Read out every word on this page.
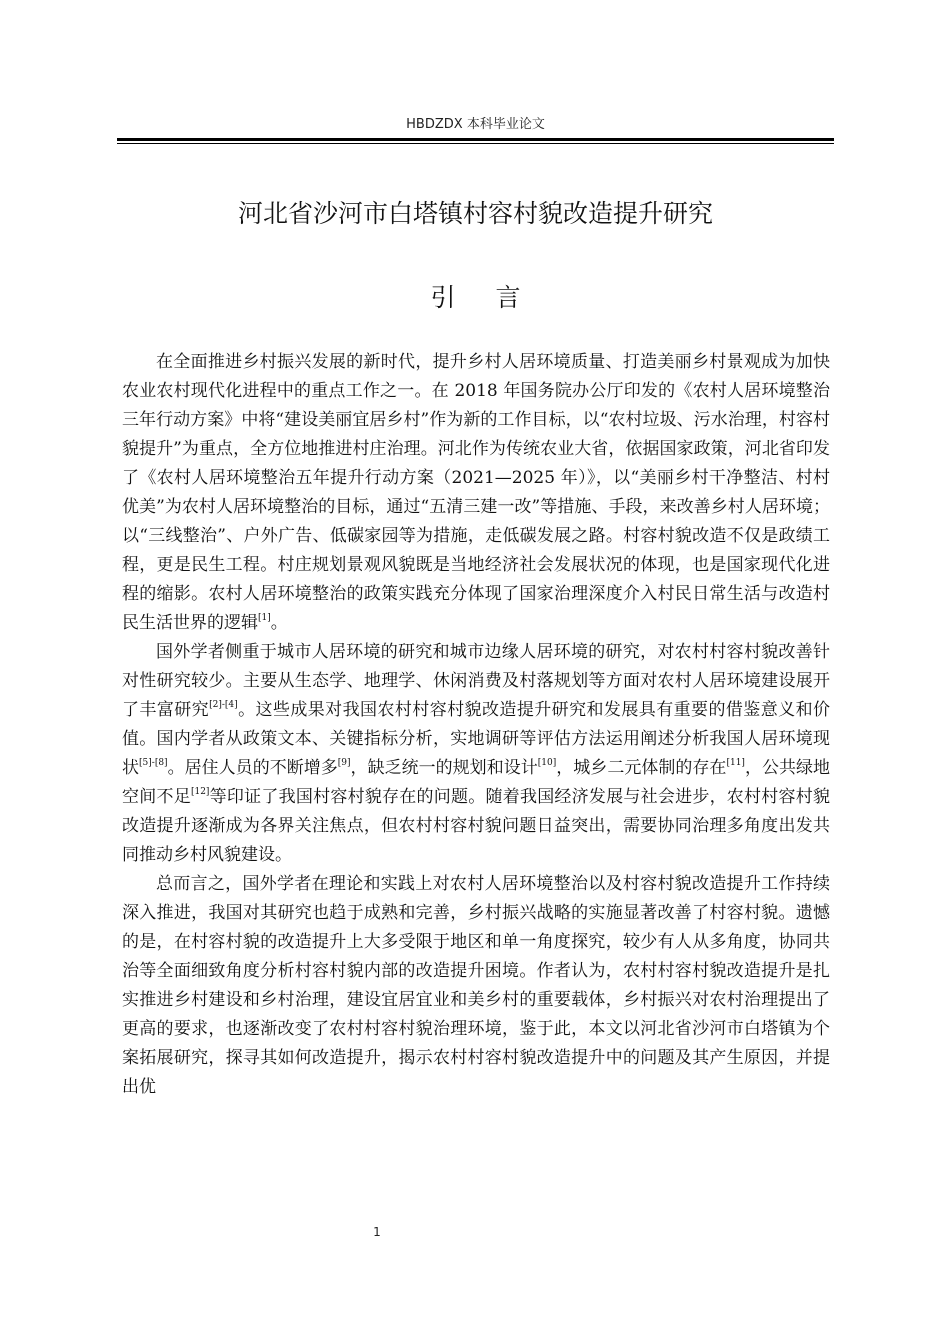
HBDZDX 本科毕业论文
河北省沙河市白塔镇村容村貌改造提升研究
引言

在全面推进乡村振兴发展的新时代，提升乡村人居环境质量、打造美丽乡村景观成为加快农业农村现代化进程中的重点工作之一。在 2018 年国务院办公厅印发的《农村人居环境整治三年行动方案》中将“建设美丽宜居乡村”作为新的工作目标，以“农村垃圾、污水治理，村容村貌提升”为重点，全方位地推进村庄治理。河北作为传统农业大省，依据国家政策，河北省印发了《农村人居环境整治五年提升行动方案（2021—2025 年）》，以“美丽乡村干净整洁、村村优美”为农村人居环境整治的目标，通过“五清三建一改”等措施、手段，来改善乡村人居环境；以“三线整治”、户外广告、低碳家园等为措施，走低碳发展之路。村容村貌改造不仅是政绩工程，更是民生工程。村庄规划景观风貌既是当地经济社会发展状况的体现，也是国家现代化进程的缩影。农村人居环境整治的政策实践充分体现了国家治理深度介入村民日常生活与改造村民生活世界的逻辑[1]。

国外学者侧重于城市人居环境的研究和城市边缘人居环境的研究，对农村村容村貌改善针对性研究较少。主要从生态学、地理学、休闲消费及村落规划等方面对农村人居环境建设展开了丰富研究[2]-[4]。这些成果对我国农村村容村貌改造提升研究和发展具有重要的借鉴意义和价值。国内学者从政策文本、关键指标分析，实地调研等评估方法运用阐述分析我国人居环境现状[5]-[8]。居住人员的不断增多[9]，缺乏统一的规划和设计[10]，城乡二元体制的存在[11]，公共绿地空间不足[12]等印证了我国村容村貌存在的问题。随着我国经济发展与社会进步，农村村容村貌改造提升逐渐成为各界关注焦点，但农村村容村貌问题日益突出，需要协同治理多角度出发共同推动乡村风貌建设。

总而言之，国外学者在理论和实践上对农村人居环境整治以及村容村貌改造提升工作持续深入推进，我国对其研究也趋于成熟和完善，乡村振兴战略的实施显著改善了村容村貌。遗憾的是，在村容村貌的改造提升上大多受限于地区和单一角度探究，较少有人从多角度，协同共治等全面细致角度分析村容村貌内部的改造提升困境。作者认为，农村村容村貌改造提升是扎实推进乡村建设和乡村治理，建设宜居宜业和美乡村的重要载体，乡村振兴对农村治理提出了更高的要求，也逐渐改变了农村村容村貌治理环境，鉴于此，本文以河北省沙河市白塔镇为个案拓展研究，探寻其如何改造提升，揭示农村村容村貌改造提升中的问题及其产生原因，并提出优

1
